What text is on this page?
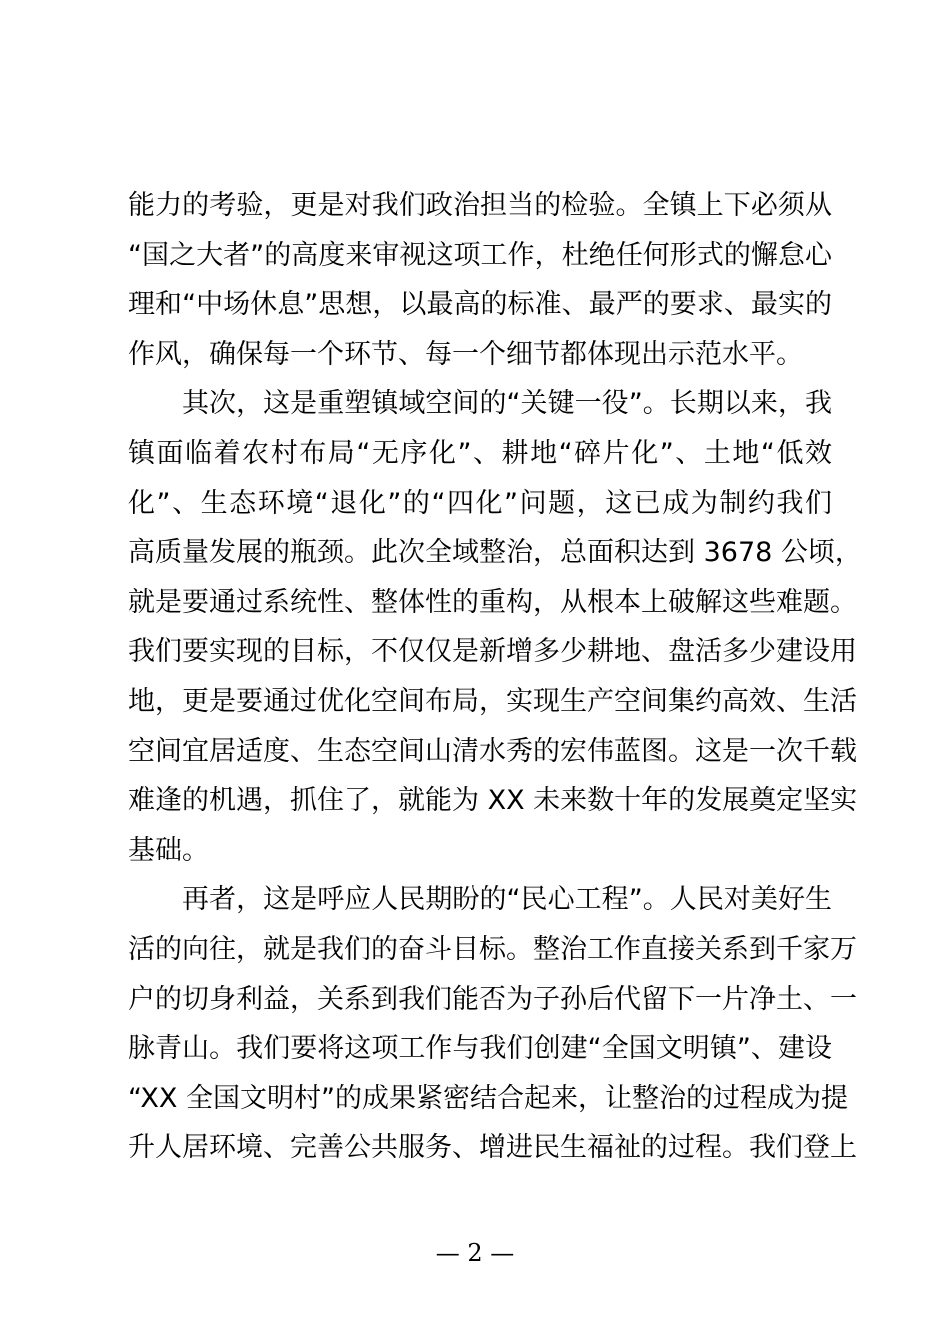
能力的考验，更是对我们政治担当的检验。全镇上下必须从
“国之大者”的高度来审视这项工作，杜绝任何形式的懈怠心
理和“中场休息”思想，以最高的标准、最严的要求、最实的
作风，确保每一个环节、每一个细节都体现出示范水平。
其次，这是重塑镇域空间的“关键一役”。长期以来，我
镇面临着农村布局“无序化”、耕地“碎片化”、土地“低效
化”、生态环境“退化”的“四化”问题，这已成为制约我们
高质量发展的瓶颈。此次全域整治，总面积达到 3678 公顷，
就是要通过系统性、整体性的重构，从根本上破解这些难题。
我们要实现的目标，不仅仅是新增多少耕地、盘活多少建设用
地，更是要通过优化空间布局，实现生产空间集约高效、生活
空间宜居适度、生态空间山清水秀的宏伟蓝图。这是一次千载
难逢的机遇，抓住了，就能为 XX 未来数十年的发展奠定坚实
基础。
再者，这是呼应人民期盼的“民心工程”。人民对美好生
活的向往，就是我们的奋斗目标。整治工作直接关系到千家万
户的切身利益，关系到我们能否为子孙后代留下一片净土、一
脉青山。我们要将这项工作与我们创建“全国文明镇”、建设
“XX 全国文明村”的成果紧密结合起来，让整治的过程成为提
升人居环境、完善公共服务、增进民生福祉的过程。我们登上
— 2 —
